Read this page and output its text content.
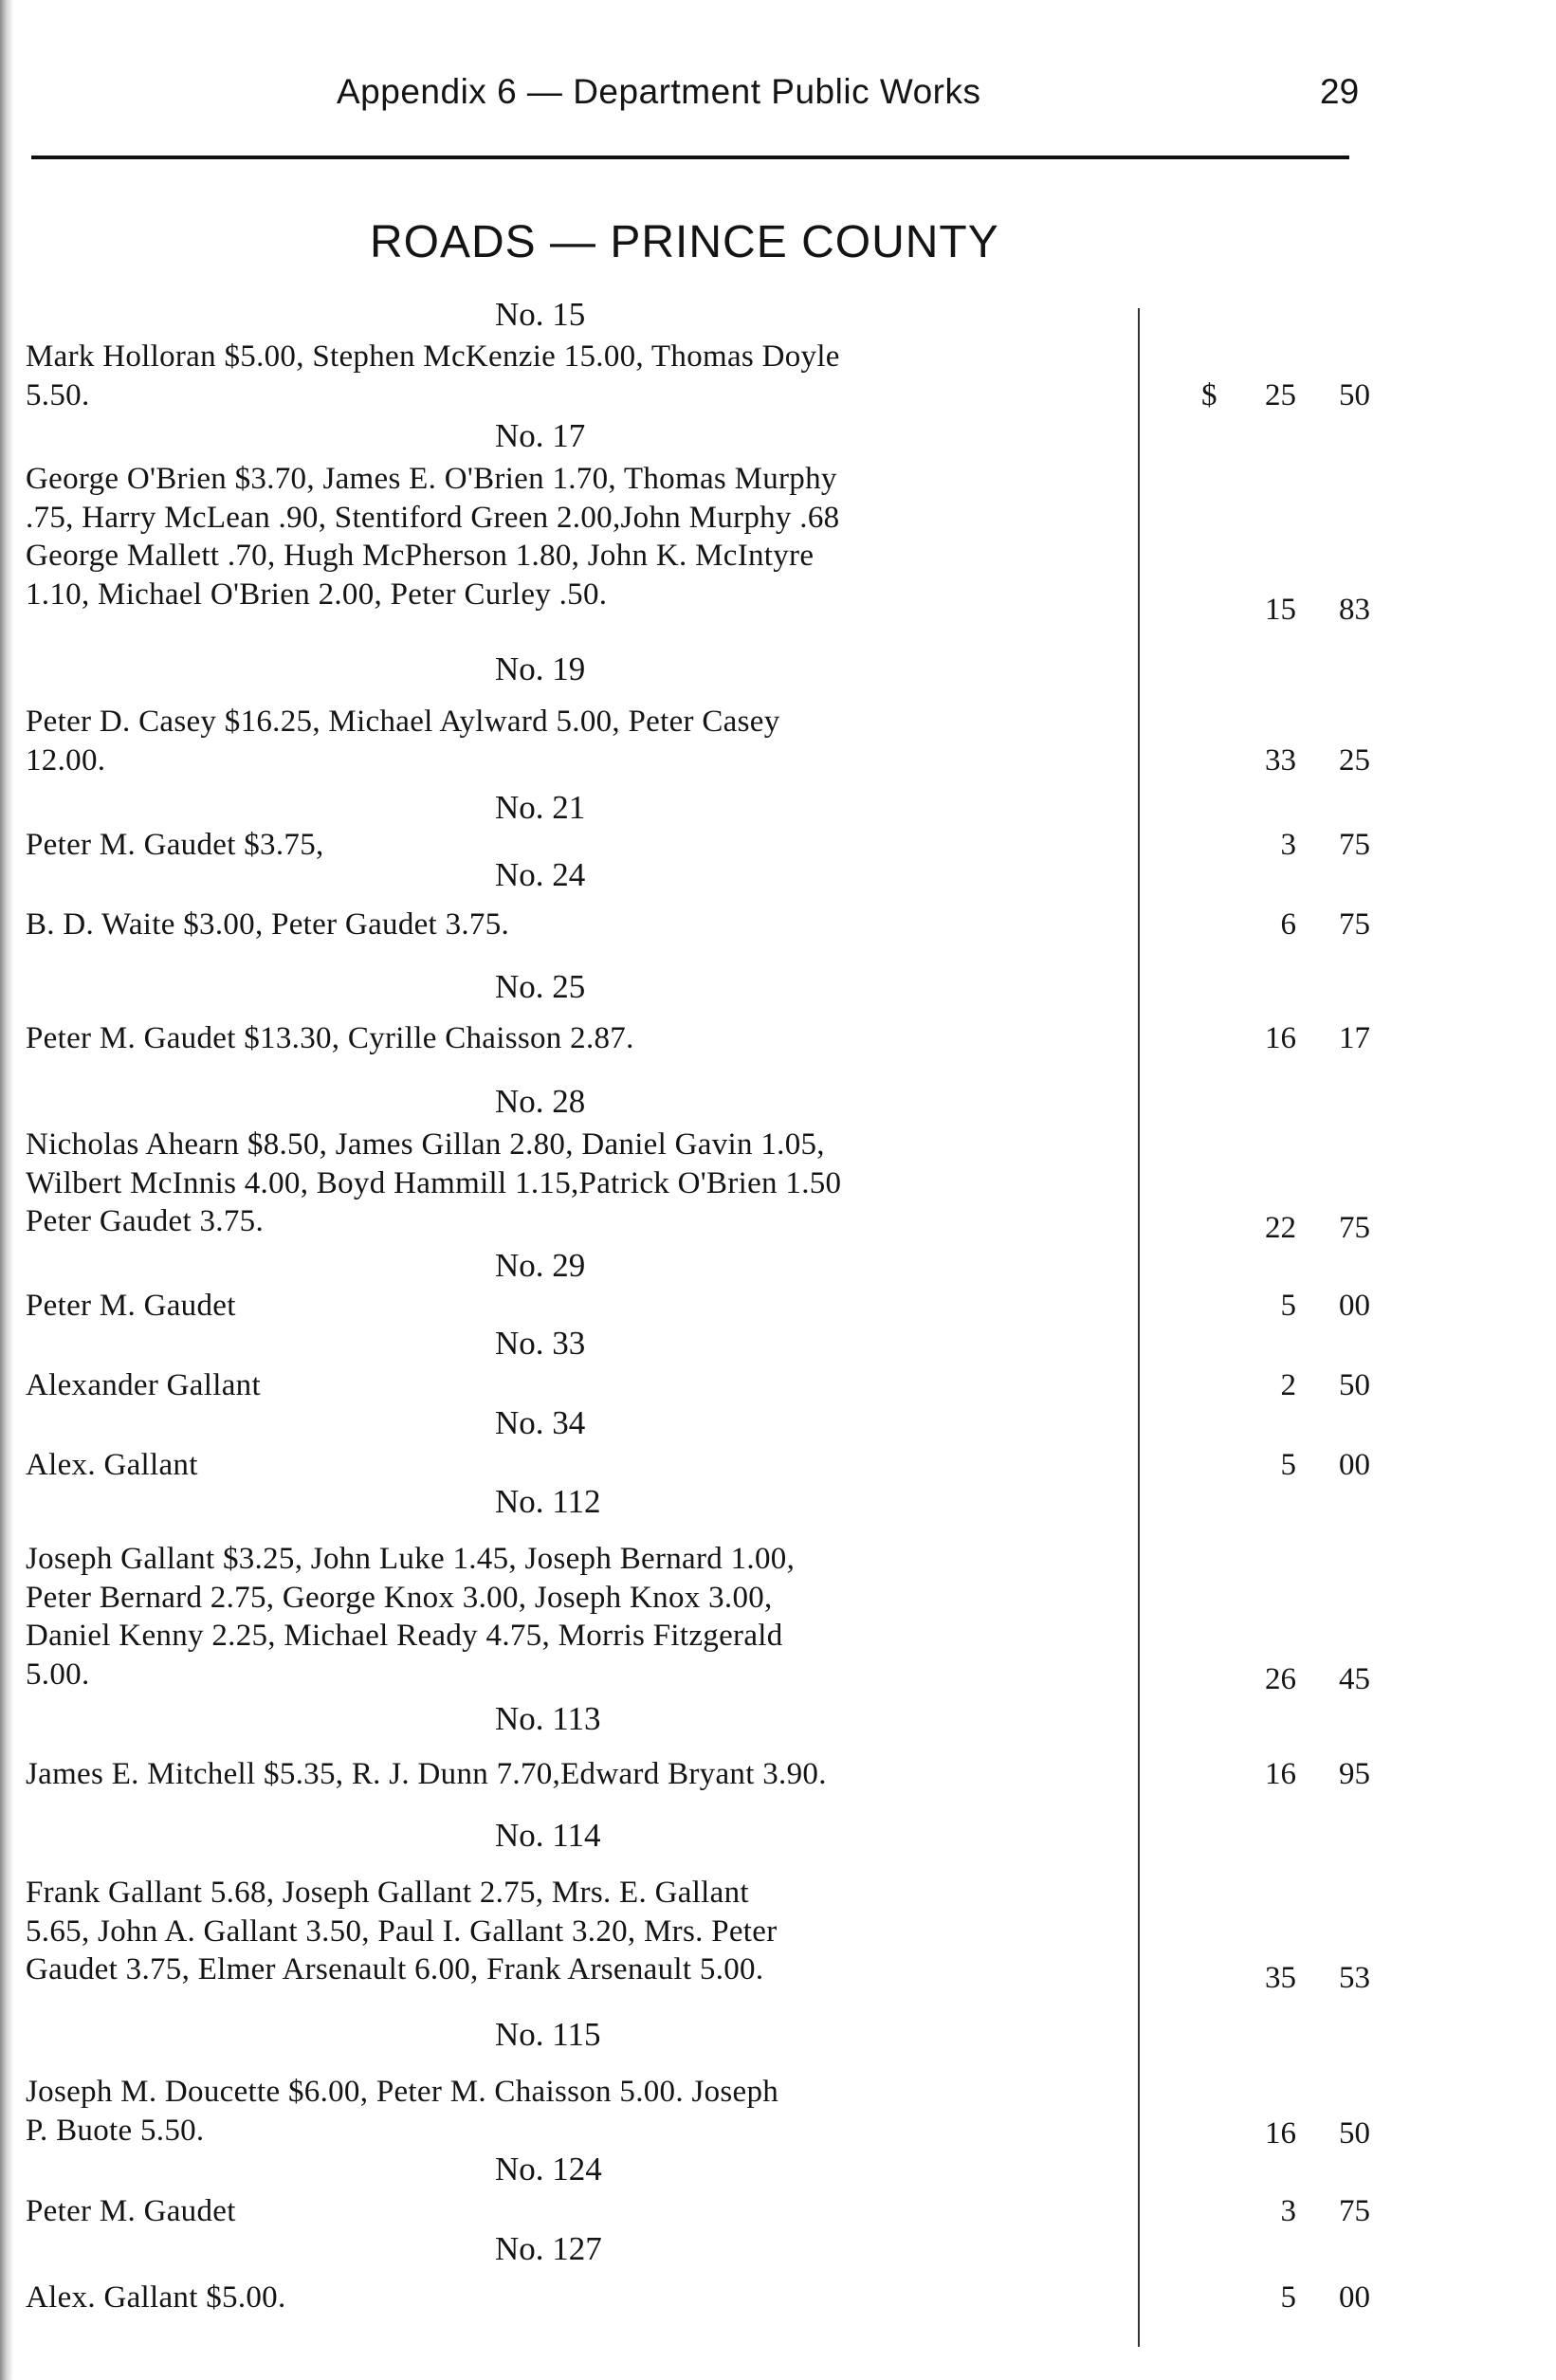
Appendix 6 — Department Public Works	29
ROADS — PRINCE COUNTY
No. 15
Mark Holloran $5.00, Stephen McKenzie 15.00, Thomas Doyle
5.50.	$ 25 50
No. 17
George O'Brien $3.70, James E. O'Brien 1.70, Thomas Murphy
.75, Harry McLean .90, Stentiford Green 2.00,John Murphy .68
George Mallett .70, Hugh McPherson 1.80, John K. McIntyre
1.10, Michael O'Brien 2.00, Peter Curley .50.	15 83
No. 19
Peter D. Casey $16.25, Michael Aylward 5.00, Peter Casey
12.00.	33 25
No. 21
Peter M. Gaudet $3.75,	3 75
No. 24
B. D. Waite $3.00, Peter Gaudet 3.75.	6 75
No. 25
Peter M. Gaudet $13.30, Cyrille Chaisson 2.87.	16 17
No. 28
Nicholas Ahearn $8.50, James Gillan 2.80, Daniel Gavin 1.05,
Wilbert McInnis 4.00, Boyd Hammill 1.15,Patrick O'Brien 1.50
Peter Gaudet 3.75.	22 75
No. 29
Peter M. Gaudet	5 00
No. 33
Alexander Gallant	2 50
No. 34
Alex. Gallant	5 00
No. 112
Joseph Gallant $3.25, John Luke 1.45, Joseph Bernard 1.00,
Peter Bernard 2.75, George Knox 3.00, Joseph Knox 3.00,
Daniel Kenny 2.25, Michael Ready 4.75, Morris Fitzgerald
5.00.	26 45
No. 113
James E. Mitchell $5.35, R. J. Dunn 7.70,Edward Bryant 3.90.	16 95
No. 114
Frank Gallant 5.68, Joseph Gallant 2.75, Mrs. E. Gallant
5.65, John A. Gallant 3.50, Paul I. Gallant 3.20, Mrs. Peter
Gaudet 3.75, Elmer Arsenault 6.00, Frank Arsenault 5.00.	35 53
No. 115
Joseph M. Doucette $6.00, Peter M. Chaisson 5.00. Joseph
P. Buote 5.50.	16 50
No. 124
Peter M. Gaudet	3 75
No. 127
Alex. Gallant $5.00.	5 00
